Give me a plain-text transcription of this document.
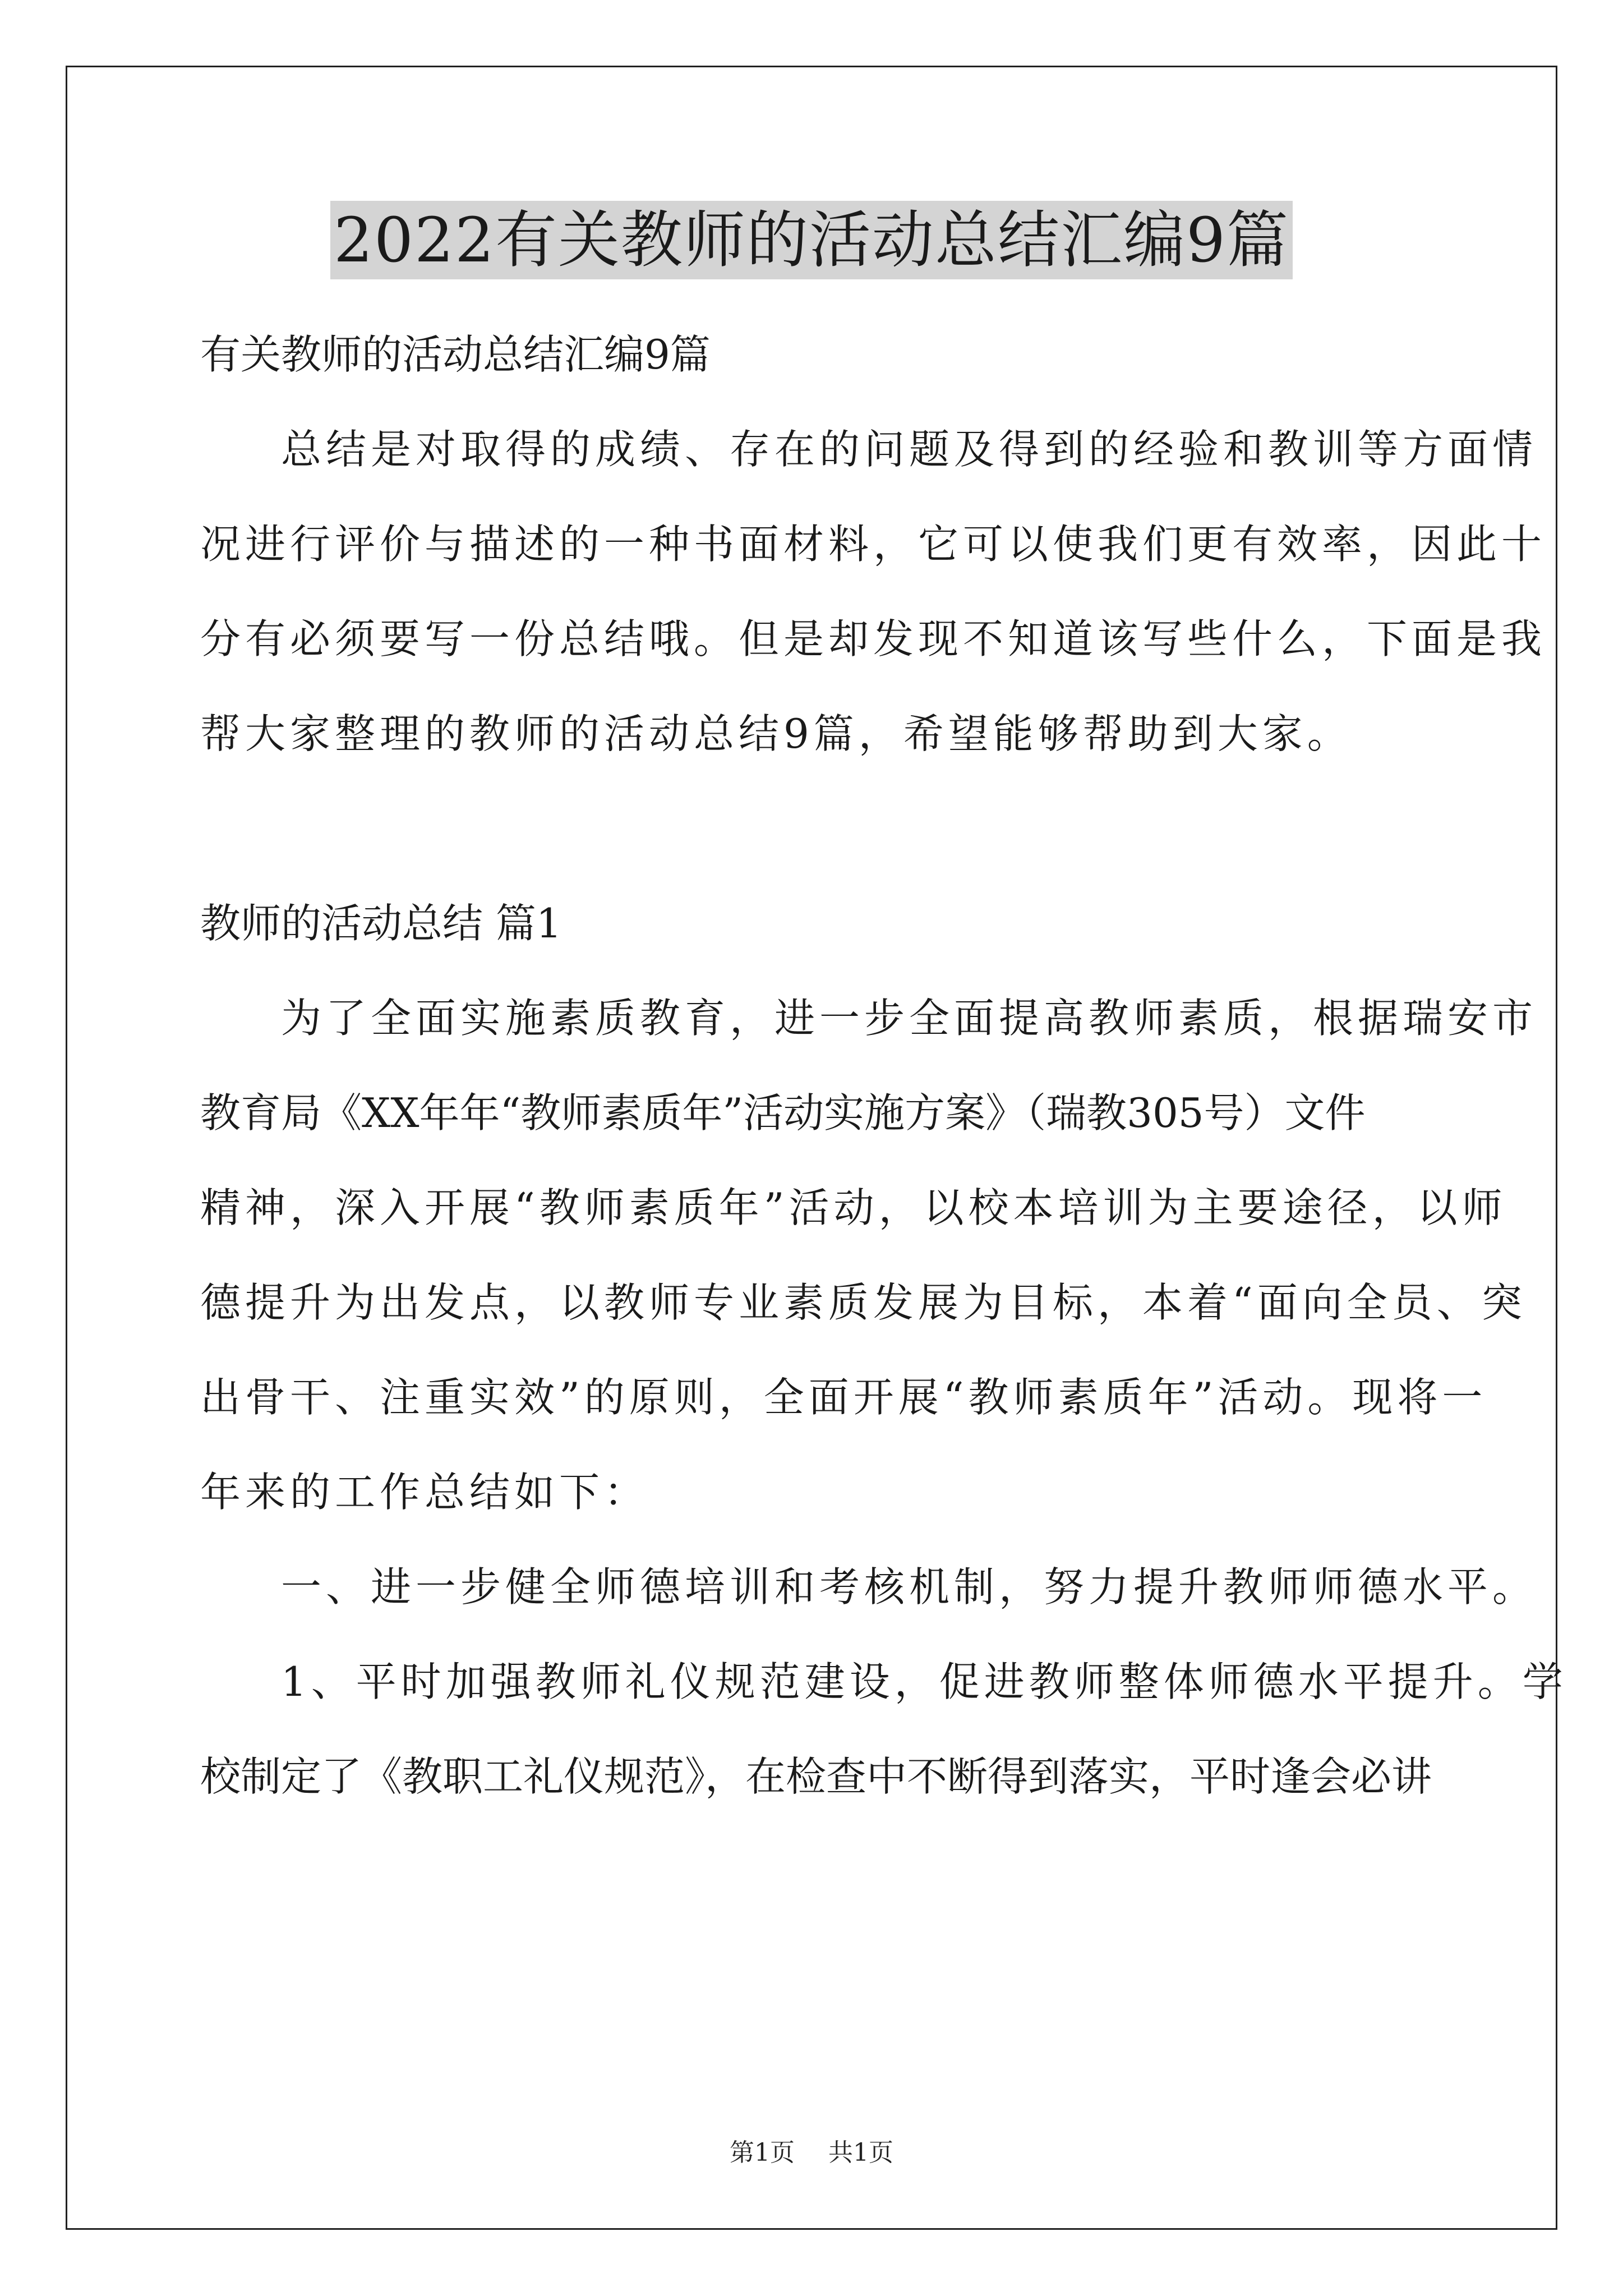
2022有关教师的活动总结汇编9篇
有关教师的活动总结汇编9篇
总结是对取得的成绩、存在的问题及得到的经验和教训等方面情
况进行评价与描述的一种书面材料，它可以使我们更有效率，因此十
分有必须要写一份总结哦。但是却发现不知道该写些什么，下面是我
帮大家整理的教师的活动总结9篇，希望能够帮助到大家。
教师的活动总结 篇1
为了全面实施素质教育，进一步全面提高教师素质，根据瑞安市
教育局《XX年年“教师素质年”活动实施方案》（瑞教305号）文件
精神，深入开展“教师素质年”活动，以校本培训为主要途径，以师
德提升为出发点，以教师专业素质发展为目标，本着“面向全员、突
出骨干、注重实效”的原则，全面开展“教师素质年”活动。现将一
年来的工作总结如下：
一、进一步健全师德培训和考核机制，努力提升教师师德水平。
1、平时加强教师礼仪规范建设，促进教师整体师德水平提升。学
校制定了《教职工礼仪规范》，在检查中不断得到落实，平时逢会必讲
第1页 共1页
